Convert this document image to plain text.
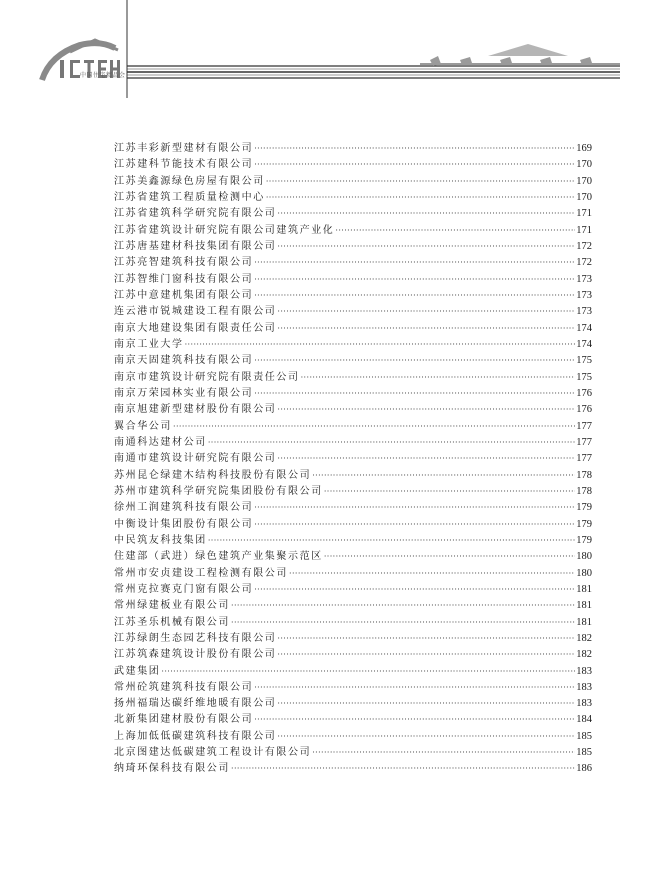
中国住宅精品会
江苏丰彩新型建材有限公司 ·····	169
江苏建科节能技术有限公司 ·····	170
江苏美鑫源绿色房屋有限公司 ·····	170
江苏省建筑工程质量检测中心 ·····	170
江苏省建筑科学研究院有限公司 ·····	171
江苏省建筑设计研究院有限公司建筑产业化 ·····	171
江苏唐基建材科技集团有限公司 ·····	172
江苏亮智建筑科技有限公司 ·····	172
江苏智维门窗科技有限公司 ·····	173
江苏中意建机集团有限公司 ·····	173
连云港市锐城建设工程有限公司 ·····	173
南京大地建设集团有限责任公司 ·····	174
南京工业大学 ·····	174
南京天固建筑科技有限公司 ·····	175
南京市建筑设计研究院有限责任公司 ·····	175
南京万荣园林实业有限公司 ·····	176
南京旭建新型建材股份有限公司 ·····	176
翼合华公司 ·····	177
南通科达建材公司 ·····	177
南通市建筑设计研究院有限公司 ·····	177
苏州昆仑绿建木结构科技股份有限公司 ·····	178
苏州市建筑科学研究院集团股份有限公司 ·····	178
徐州工润建筑科技有限公司 ·····	179
中衡设计集团股份有限公司 ·····	179
中民筑友科技集团 ·····	179
住建部（武进）绿色建筑产业集聚示范区 ·····	180
常州市安贞建设工程检测有限公司 ·····	180
常州克拉赛克门窗有限公司 ·····	181
常州绿建板业有限公司 ·····	181
江苏圣乐机械有限公司 ·····	181
江苏绿朗生态园艺科技有限公司 ·····	182
江苏筑森建筑设计股份有限公司 ·····	182
武建集团 ·····	183
常州砼筑建筑科技有限公司 ·····	183
扬州福瑞达碳纤维地暖有限公司 ·····	183
北新集团建材股份有限公司 ·····	184
上海加低低碳建筑科技有限公司 ·····	185
北京图建达低碳建筑工程设计有限公司 ·····	185
纳琦环保科技有限公司 ·····	186
